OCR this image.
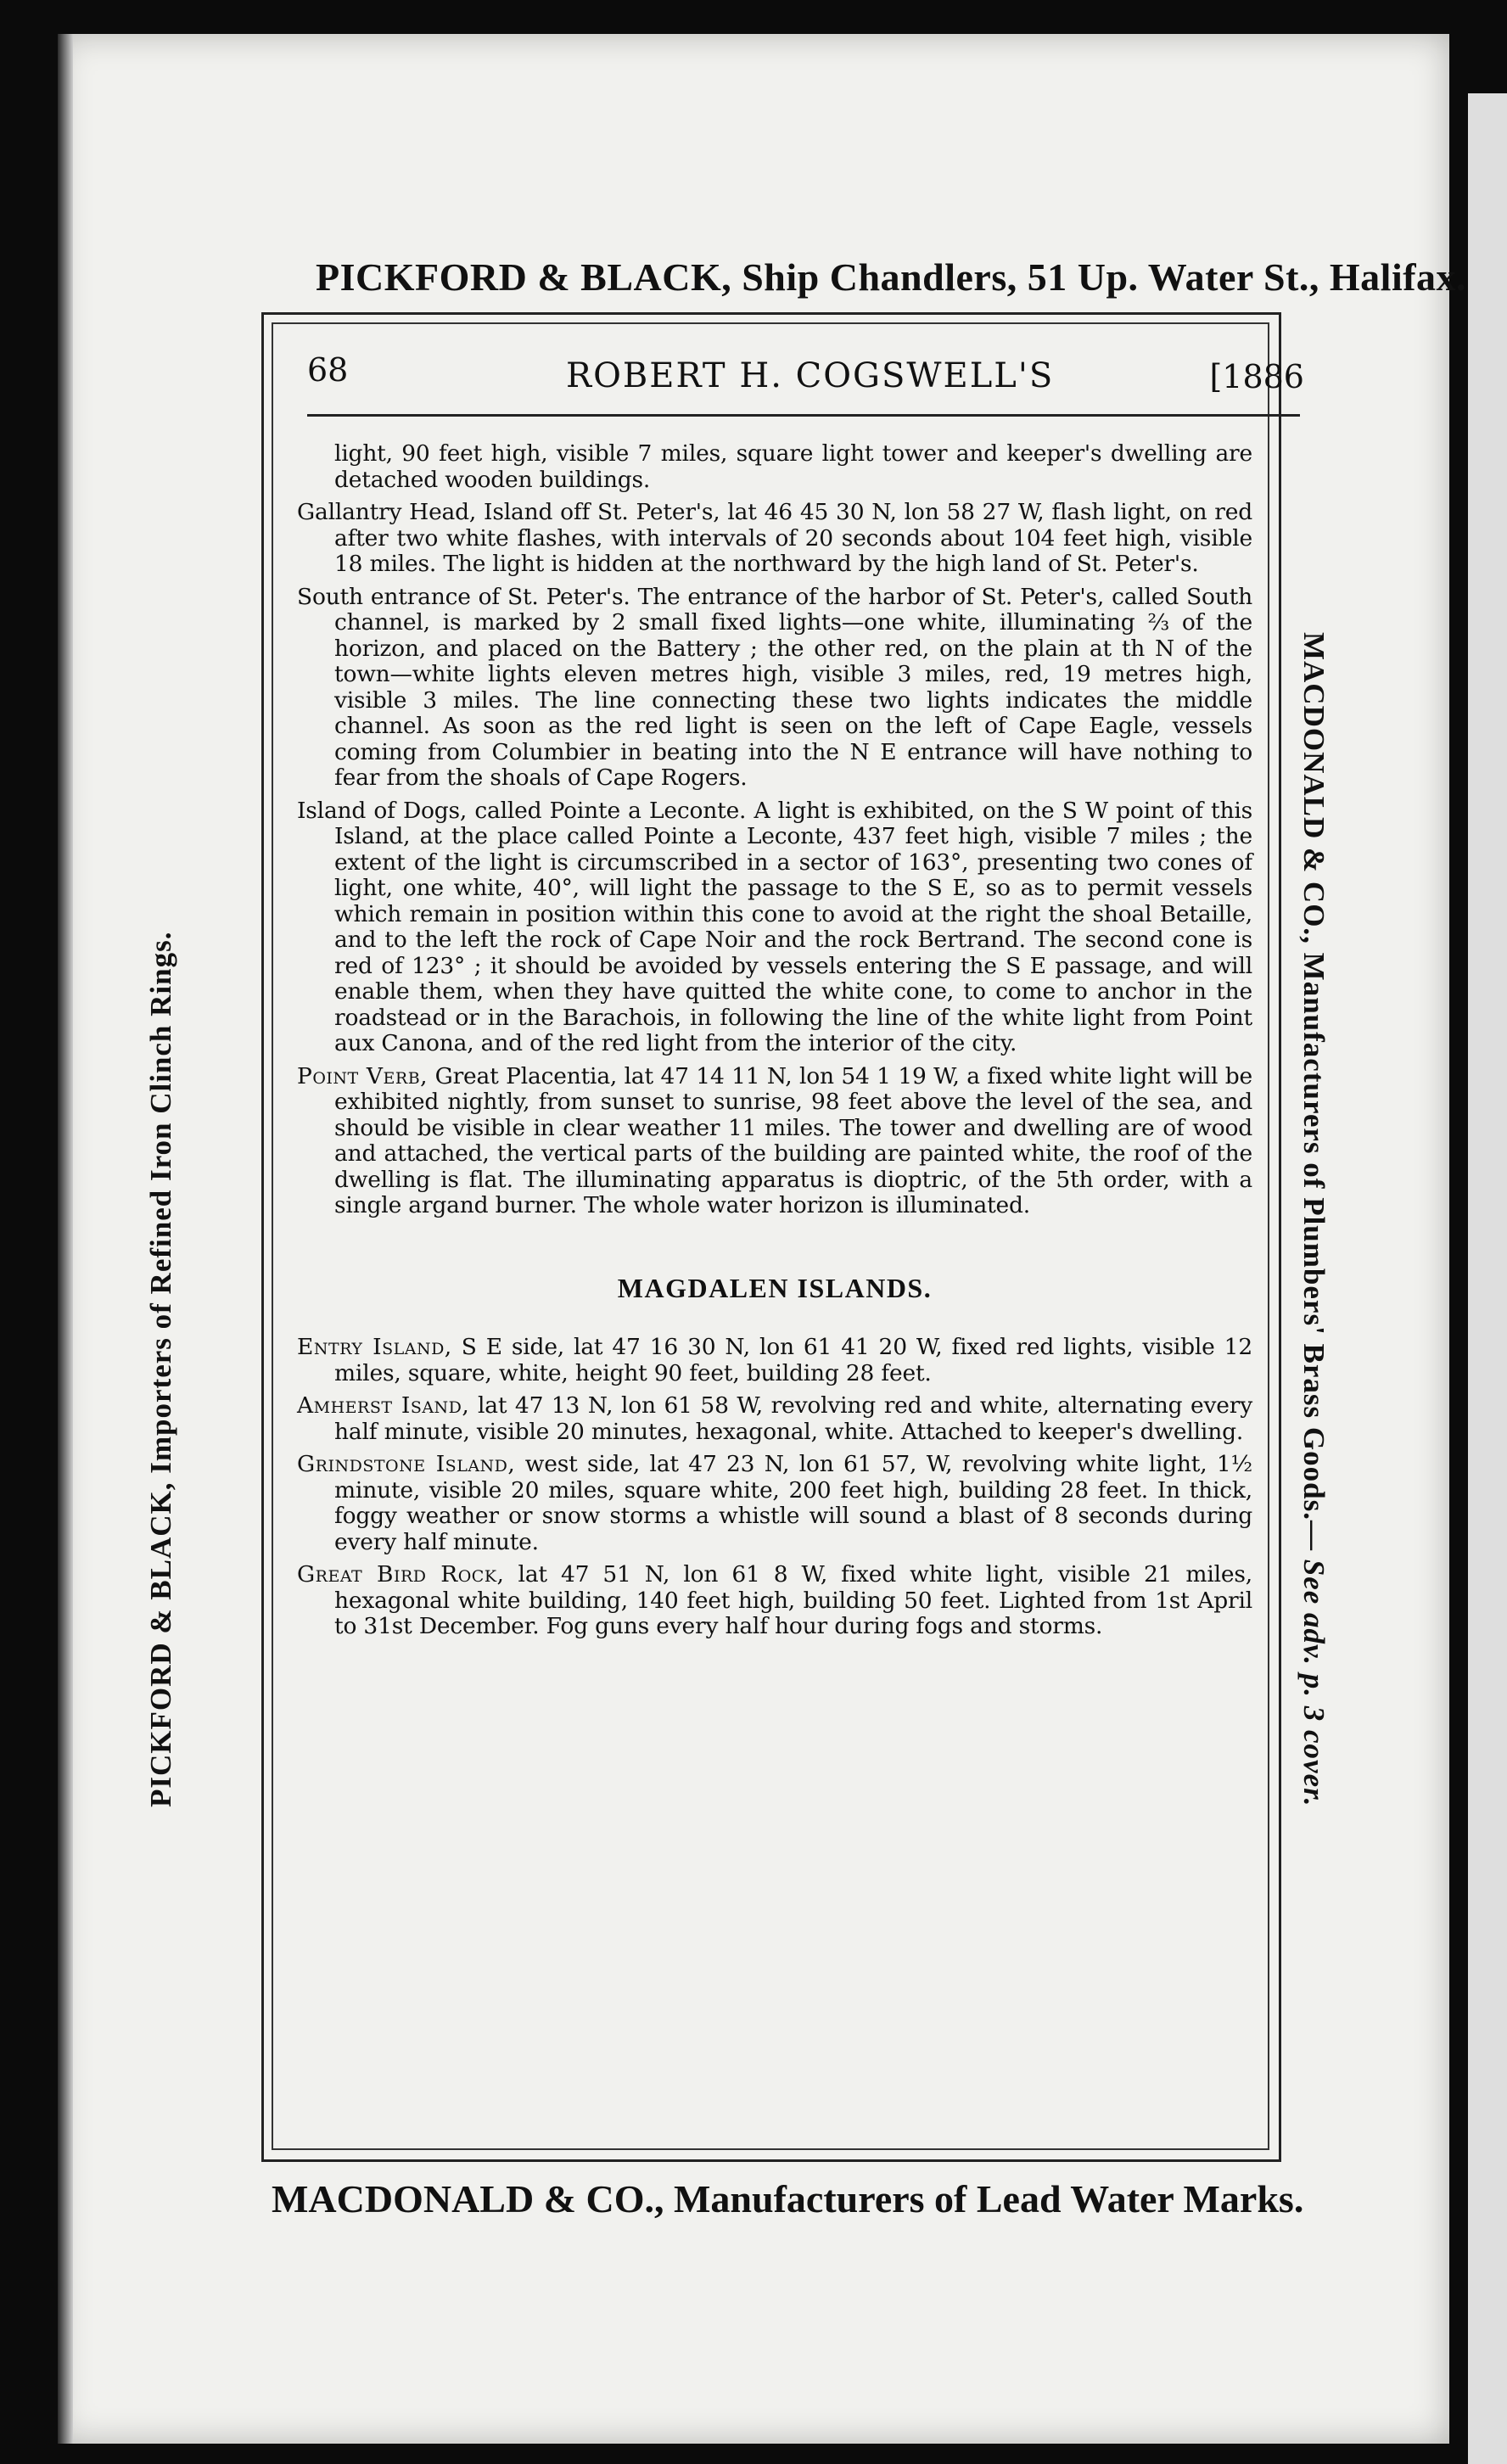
PICKFORD & BLACK, Ship Chandlers, 51 Up. Water St., Halifax.
PICKFORD & BLACK, Importers of Refined Iron Clinch Rings.	MACDONALD & CO., Manufacturers of Plumbers' Brass Goods.— See adv. p. 3 cover.
68	ROBERT H. COGSWELL'S	[1886

light, 90 feet high, visible 7 miles, square light tower and keeper's dwelling are detached wooden buildings.

Gallantry Head, Island off St. Peter's, lat 46 45 30 N, lon 58 27 W, flash light, on red after two white flashes, with intervals of 20 seconds about 104 feet high, visible 18 miles. The light is hidden at the northward by the high land of St. Peter's.

South entrance of St. Peter's. The entrance of the harbor of St. Peter's, called South channel, is marked by 2 small fixed lights—one white, illuminating ⅔ of the horizon, and placed on the Battery ; the other red, on the plain at th N of the town—white lights eleven metres high, visible 3 miles, red, 19 metres high, visible 3 miles. The line connecting these two lights indicates the middle channel. As soon as the red light is seen on the left of Cape Eagle, vessels coming from Columbier in beating into the N E entrance will have nothing to fear from the shoals of Cape Rogers.

Island of Dogs, called Pointe a Leconte. A light is exhibited, on the S W point of this Island, at the place called Pointe a Leconte, 437 feet high, visible 7 miles ; the extent of the light is circumscribed in a sector of 163°, presenting two cones of light, one white, 40°, will light the passage to the S E, so as to permit vessels which remain in position within this cone to avoid at the right the shoal Betaille, and to the left the rock of Cape Noir and the rock Bertrand. The second cone is red of 123° ; it should be avoided by vessels entering the S E passage, and will enable them, when they have quitted the white cone, to come to anchor in the roadstead or in the Barachois, in following the line of the white light from Point aux Canona, and of the red light from the interior of the city.

Point Verb, Great Placentia, lat 47 14 11 N, lon 54 1 19 W, a fixed white light will be exhibited nightly, from sunset to sunrise, 98 feet above the level of the sea, and should be visible in clear weather 11 miles. The tower and dwelling are of wood and attached, the vertical parts of the building are painted white, the roof of the dwelling is flat. The illuminating apparatus is dioptric, of the 5th order, with a single argand burner. The whole water horizon is illuminated.

MAGDALEN ISLANDS.

Entry Island, S E side, lat 47 16 30 N, lon 61 41 20 W, fixed red lights, visible 12 miles, square, white, height 90 feet, building 28 feet.

Amherst Isand, lat 47 13 N, lon 61 58 W, revolving red and white, alternating every half minute, visible 20 minutes, hexagonal, white. Attached to keeper's dwelling.

Grindstone Island, west side, lat 47 23 N, lon 61 57, W, revolving white light, 1½ minute, visible 20 miles, square white, 200 feet high, building 28 feet. In thick, foggy weather or snow storms a whistle will sound a blast of 8 seconds during every half minute.

Great Bird Rock, lat 47 51 N, lon 61 8 W, fixed white light, visible 21 miles, hexagonal white building, 140 feet high, building 50 feet. Lighted from 1st April to 31st December. Fog guns every half hour during fogs and storms.

MACDONALD & CO., Manufacturers of Lead Water Marks.
